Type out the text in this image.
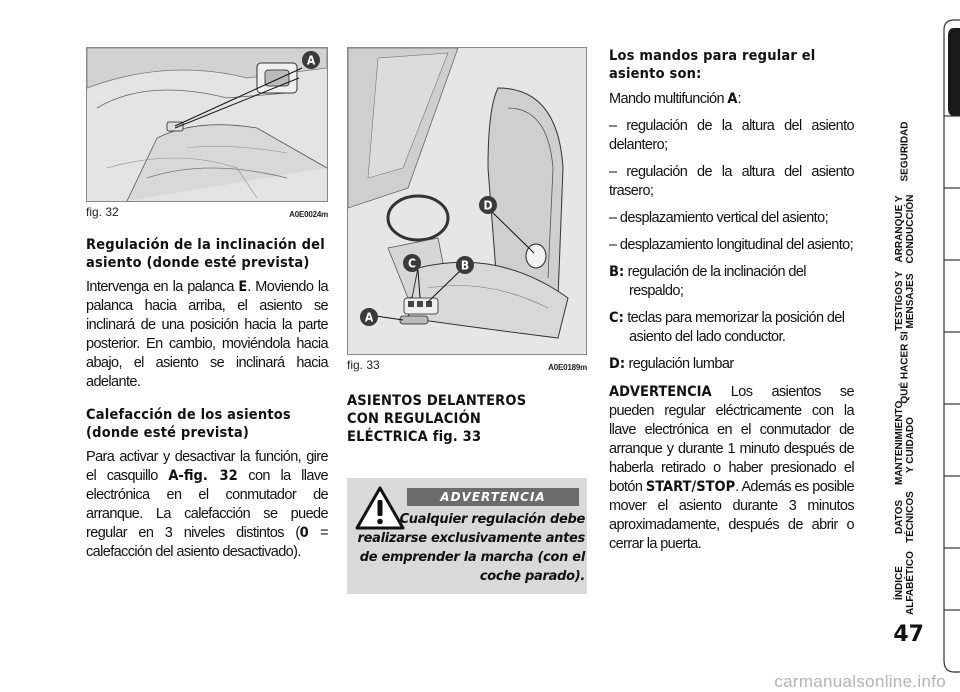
A
fig. 32	A0E0024m
Regulación de la inclinación del asiento (donde esté prevista)

Intervenga en la palanca E. Moviendo la palanca hacia arriba, el asiento se inclinará de una posición hacia la parte posterior. En cambio, moviéndola hacia abajo, el asiento se inclinará hacia adelante.

Calefacción de los asientos (donde esté prevista)

Para activar y desactivar la función, gire el casquillo A-fig. 32 con la llave electrónica en el conmutador de arranque. La calefacción se puede regular en 3 niveles distintos (0 = calefacción del asiento desactivado).

D
C	B
A
fig. 33	A0E0189m
ASIENTOS DELANTEROS CON REGULACIÓN ELÉCTRICA fig. 33
ADVERTENCIA
Cualquier regulación debe realizarse exclusivamente antes de emprender la marcha (con el coche parado).
Los mandos para regular el asiento son:

Mando multifunción A:

– regulación de la altura del asiento delantero;

– regulación de la altura del asiento trasero;

– desplazamiento vertical del asiento;

– desplazamiento longitudinal del asiento;

B: regulación de la inclinación del respaldo;

C: teclas para memorizar la posición del asiento del lado conductor.

D: regulación lumbar

ADVERTENCIA Los asientos se pueden regular eléctricamente con la llave electrónica en el conmutador de arranque y durante 1 minuto después de haberla retirado o haber presionado el botón START/STOP. Además es posible mover el asiento durante 3 minutos aproximadamente, después de abrir o cerrar la puerta.

SALPICADERO Y MANDOS
SEGURIDAD
ARRANQUE Y CONDUCCIÓN
TESTIGOS Y MENSAJES
QUÉ HACER SI
MANTENIMIENTO Y CUIDADO
DATOS TÉCNICOS
ÍNDICE ALFABÉTICO
47
carmanualsonline.info
